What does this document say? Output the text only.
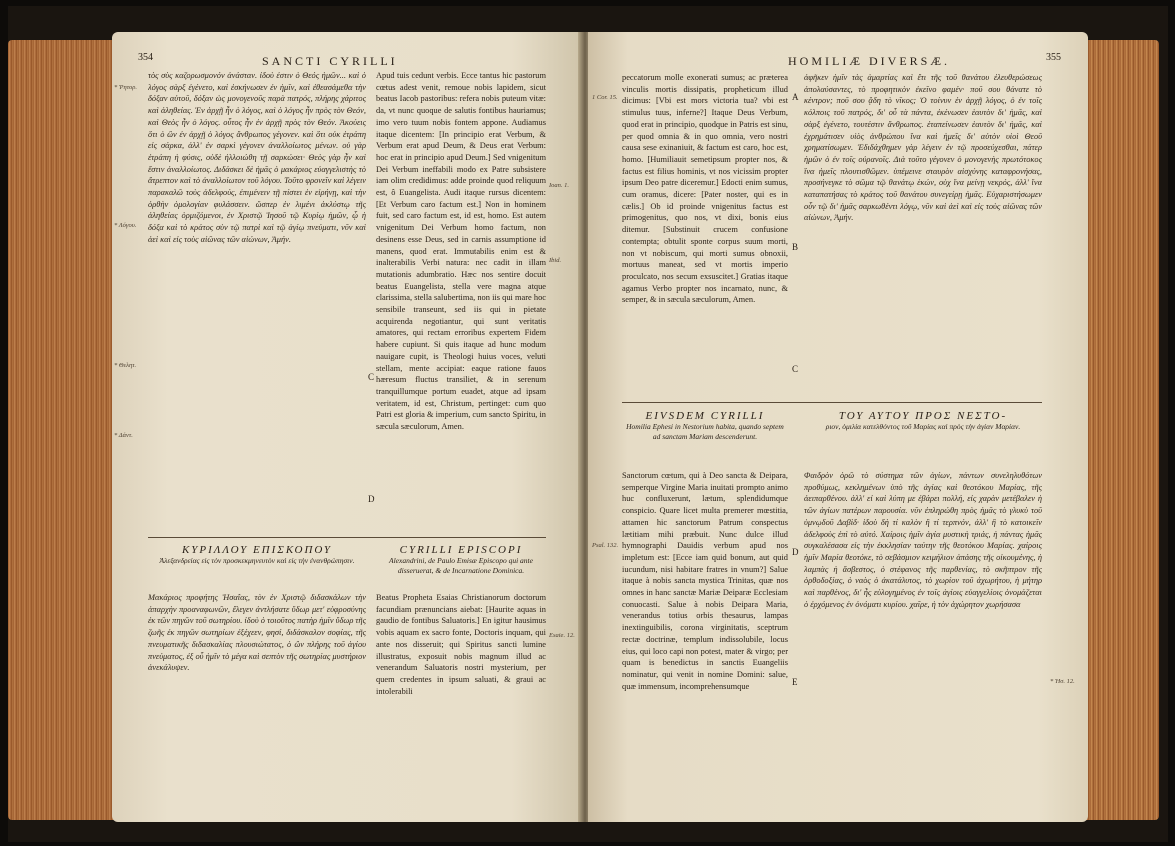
354	SANCTI CYRILLI
* Ῥητορ.
* Λόγου.
* Θελητ.
* Δάντ.
Ioan. 1.
Ibid.
Esaie. 12.
C
D
τὸς σὺς καζορωσμονόν ἀνάσταν. ἰδοὺ ἐστιν ὁ Θεός ἡμῶν... καὶ ὁ λόγος σὰρξ ἐγένετο, καὶ ἐσκήνωσεν ἐν ἡμῖν, καὶ ἐθεασάμεθα τὴν δόξαν αὐτοῦ, δόξαν ὡς μονογενοῦς παρὰ πατρός, πλήρης χάριτος καὶ ἀληθείας. Ἐν ἀρχῇ ἦν ὁ λόγος, καὶ ὁ λόγος ἦν πρὸς τὸν Θεόν, καὶ Θεὸς ἦν ὁ λόγος. οὗτος ἦν ἐν ἀρχῇ πρὸς τὸν Θεόν. Ἀκούεις ὅτι ὁ ὢν ἐν ἀρχῇ ὁ λόγος ἄνθρωπος γέγονεν. καὶ ὅτι οὐκ ἐτράπη εἰς σάρκα, ἀλλ' ἐν σαρκὶ γέγονεν ἀναλλοίωτος μένων. οὐ γὰρ ἐτράπη ἡ φύσις, οὐδὲ ἠλλοιώθη τῇ σαρκώσει· Θεὸς γὰρ ἦν καὶ ἔστιν ἀναλλοίωτος. Διδάσκει δὲ ἡμᾶς ὁ μακάριος εὐαγγελιστὴς τὸ ἄτρεπτον καὶ τὸ ἀναλλοίωτον τοῦ λόγου. Τοῦτο φρονεῖν καὶ λέγειν παρακαλῶ τοὺς ἀδελφούς, ἐπιμένειν τῇ πίστει ἐν εἰρήνῃ, καὶ τὴν ὀρθὴν ὁμολογίαν φυλάσσειν. ὥσπερ ἐν λιμένι ἀκλύστῳ τῆς ἀληθείας ὁρμιζόμενοι, ἐν Χριστῷ Ἰησοῦ τῷ Κυρίῳ ἡμῶν, ᾧ ἡ δόξα καὶ τὸ κράτος σὺν τῷ πατρὶ καὶ τῷ ἁγίῳ πνεύματι, νῦν καὶ ἀεὶ καὶ εἰς τοὺς αἰῶνας τῶν αἰώνων, Ἀμήν.
Apud tuis cedunt verbis. Ecce tantus hic pastorum cœtus adest venit, remoue nobis lapidem, sicut beatus Iacob pastoribus: refera nobis puteum vitæ: da, vt nunc quoque de salutis fontibus hauriamus; imo vero tuum nobis fontem appone. Audiamus itaque dicentem: [In principio erat Verbum, & Verbum erat apud Deum, & Deus erat Verbum: hoc erat in principio apud Deum.] Sed vnigenitum Dei Verbum ineffabili modo ex Patre subsistere iam olim credidimus: adde proinde quod reliquum est, ô Euangelista. Audi itaque rursus dicentem: [Et Verbum caro factum est.] Non in hominem fuit, sed caro factum est, id est, homo. Est autem vnigenitum Dei Verbum homo factum, non desinens esse Deus, sed in carnis assumptione id manens, quod erat. Immutabilis enim est & inalterabilis Verbi natura: nec cadit in illam mutationis adumbratio. Hæc nos sentire docuit beatus Euangelista, stella vere magna atque clarissima, stella salubertima, non iis qui mare hoc sensibile transeunt, sed iis qui in pietate acquirenda negotiantur, qui sunt veritatis amatores, qui rectam erroribus expertem Fidem habere cupiunt. Si quis itaque ad hunc modum nauigare cupit, is Theologi huius voces, veluti stellam, mente accipiat: eaque ratione fauos hæresum fluctus transiliet, & in serenum tranquillumque portum euadet, atque ad ipsam veritatem, id est, Christum, pertinget: cum quo Patri est gloria & imperium, cum sancto Spiritu, in sæcula sæculorum, Amen.
ΚΥΡΙΛΛΟΥ ΕΠΙΣΚΟΠΟΥ
Ἀλεξανδρείας εἰς τὸν προσκεκμηνευτὸν καὶ εἰς τὴν ἐνανθρώπησιν.
CYRILLI EPISCOPI
Alexandrini, de Paulo Emisæ Episcopo qui ante disseruerat, & de Incarnatione Dominica.
Μακάριος προφήτης Ἠσαΐας, τὸν ἐν Χριστῷ διδασκάλων τὴν ἀπαρχὴν προαναφωνῶν, ἔλεγεν ἀντλήσατε ὕδωρ μετ' εὐφροσύνης ἐκ τῶν πηγῶν τοῦ σωτηρίου. ἰδοὺ ὁ τοιοῦτος πατὴρ ἡμῖν ὕδωρ τῆς ζωῆς ἐκ πηγῶν σωτηρίων ἐξέχεεν, φησί, διδάσκαλον σοφίας, τῆς πνευματικῆς διδασκαλίας πλουσιώτατος, ὁ ὢν πλήρης τοῦ ἁγίου πνεύματος, ἐξ οὗ ἡμῖν τὸ μέγα καὶ σεπτὸν τῆς σωτηρίας μυστήριον ἀνεκάλυψεν.
Beatus Propheta Esaias Christianorum doctorum facundiam prænuncians aiebat: [Haurite aquas in gaudio de fontibus Saluatoris.] En igitur hausimus vobis aquam ex sacro fonte, Doctoris inquam, qui ante nos disseruit; qui Spiritus sancti lumine illustratus, exposuit nobis magnum illud ac venerandum Saluatoris nostri mysterium, per quem credentes in ipsum saluati, & graui ac intolerabili
HOMILIÆ DIVERSÆ.	355
1 Cor. 15.
Psal. 132.
* Ἡσ. 12.
A
B
C
D
E
peccatorum molle exonerati sumus; ac præterea vinculis mortis dissipatis, propheticum illud dicimus: [Vbi est mors victoria tua? vbi est stimulus tuus, inferne?] Itaque Deus Verbum, quod erat in principio, quodque in Patris est sinu, per quod omnia & in quo omnia, vero nostri causa sese exinaniuit, & factum est caro, hoc est, homo. [Humiliauit semetipsum propter nos, & factus est filius hominis, vt nos vicissim propter ipsum Deo patre diceremur.] Edocti enim sumus, cum oramus, dicere: [Pater noster, qui es in cælis.] Ob id proinde vnigenitus factus est primogenitus, quo nos, vt dixi, bonis eius ditemur. [Substinuit crucem confusione contempta; obtulit sponte corpus suum morti, non vt nobiscum, qui morti sumus obnoxii, mortuus maneat, sed vt mortis imperio proculcato, nos secum exsuscitet.] Gratias itaque agamus Verbo propter nos incarnato, nunc, & semper, & in sæcula sæculorum, Amen.
ἀφῆκεν ἡμῖν τὰς ἁμαρτίας καὶ ἔτι τῆς τοῦ θανάτου ἐλευθερώσεως ἀπολαύσαντες, τὸ προφητικὸν ἐκεῖνο φαμέν· ποῦ σου θάνατε τὸ κέντρον; ποῦ σου ᾅδη τὸ νῖκος; Ὁ τοίνυν ἐν ἀρχῇ λόγος, ὁ ἐν τοῖς κόλποις τοῦ πατρός, δι' οὗ τὰ πάντα, ἐκένωσεν ἑαυτὸν δι' ἡμᾶς, καὶ σὰρξ ἐγένετο, τουτέστιν ἄνθρωπος. ἐταπείνωσεν ἑαυτὸν δι' ἡμᾶς, καὶ ἐχρημάτισεν υἱὸς ἀνθρώπου ἵνα καὶ ἡμεῖς δι' αὐτὸν υἱοὶ Θεοῦ χρηματίσωμεν. Ἐδιδάχθημεν γὰρ λέγειν ἐν τῷ προσεύχεσθαι, πάτερ ἡμῶν ὁ ἐν τοῖς οὐρανοῖς. Διὰ τοῦτο γέγονεν ὁ μονογενὴς πρωτότοκος ἵνα ἡμεῖς πλουτισθῶμεν. ὑπέμεινε σταυρὸν αἰσχύνης καταφρονήσας, προσήνεγκε τὸ σῶμα τῷ θανάτῳ ἑκών, οὐχ ἵνα μείνῃ νεκρός, ἀλλ' ἵνα καταπατήσας τὸ κράτος τοῦ θανάτου συνεγείρῃ ἡμᾶς. Εὐχαριστήσωμεν οὖν τῷ δι' ἡμᾶς σαρκωθέντι λόγῳ, νῦν καὶ ἀεὶ καὶ εἰς τοὺς αἰῶνας τῶν αἰώνων, Ἀμήν.
EIVSDEM CYRILLI
Homilia Ephesi in Nestorium habita, quando septem ad sanctam Mariam descenderunt.
ΤΟΥ ΑΥΤΟΥ ΠΡΟΣ ΝΕΣΤΟ-
ριον, ὁμιλία κατελθόντος τοῦ Μαρίας καὶ πρὸς τὴν ἁγίαν Μαρίαν.
Sanctorum cœtum, qui à Deo sancta & Deipara, semperque Virgine Maria inuitati prompto animo huc confluxerunt, lætum, splendidumque conspicio. Quare licet multa premerer mœstitia, attamen hic sanctorum Patrum conspectus lætitiam mihi præbuit. Nunc dulce illud hymnographi Dauidis verbum apud nos impletum est: [Ecce iam quid bonum, aut quid iucundum, nisi habitare fratres in vnum?] Salue itaque à nobis sancta mystica Trinitas, quæ nos omnes in hanc sanctæ Mariæ Deiparæ Ecclesiam conuocasti. Salue à nobis Deipara Maria, venerandus totius orbis thesaurus, lampas inextinguibilis, corona virginitatis, sceptrum rectæ doctrinæ, templum indissolubile, locus eius, qui loco capi non potest, mater & virgo; per quam is benedictus in sanctis Euangeliis nominatur, qui venit in nomine Domini: salue, quæ immensum, incomprehensumque
Φαιδρὸν ὁρῶ τὸ σύστημα τῶν ἁγίων, πάντων συνεληλυθότων προθύμως, κεκλημένων ὑπὸ τῆς ἁγίας καὶ θεοτόκου Μαρίας, τῆς ἀειπαρθένου. ἀλλ' εἰ καὶ λύπη με ἐβάρει πολλή, εἰς χαρὰν μετέβαλεν ἡ τῶν ἁγίων πατέρων παρουσία. νῦν ἐπληρώθη πρὸς ἡμᾶς τὸ γλυκὺ τοῦ ὑμνῳδοῦ Δαβὶδ· ἰδοὺ δὴ τί καλὸν ἢ τί τερπνόν, ἀλλ' ἢ τὸ κατοικεῖν ἀδελφοὺς ἐπὶ τὸ αὐτό. Χαίροις ἡμῖν ἁγία μυστικὴ τριάς, ἡ πάντας ἡμᾶς συγκαλέσασα εἰς τὴν ἐκκλησίαν ταύτην τῆς θεοτόκου Μαρίας. χαίροις ἡμῖν Μαρία θεοτόκε, τὸ σεβάσμιον κειμήλιον ἁπάσης τῆς οἰκουμένης, ἡ λαμπὰς ἡ ἄσβεστος, ὁ στέφανος τῆς παρθενίας, τὸ σκῆπτρον τῆς ὀρθοδοξίας, ὁ ναὸς ὁ ἀκατάλυτος, τὸ χωρίον τοῦ ἀχωρήτου, ἡ μήτηρ καὶ παρθένος, δι' ἧς εὐλογημένος ἐν τοῖς ἁγίοις εὐαγγελίοις ὀνομάζεται ὁ ἐρχόμενος ἐν ὀνόματι κυρίου. χαῖρε, ἡ τὸν ἀχώρητον χωρήσασα
